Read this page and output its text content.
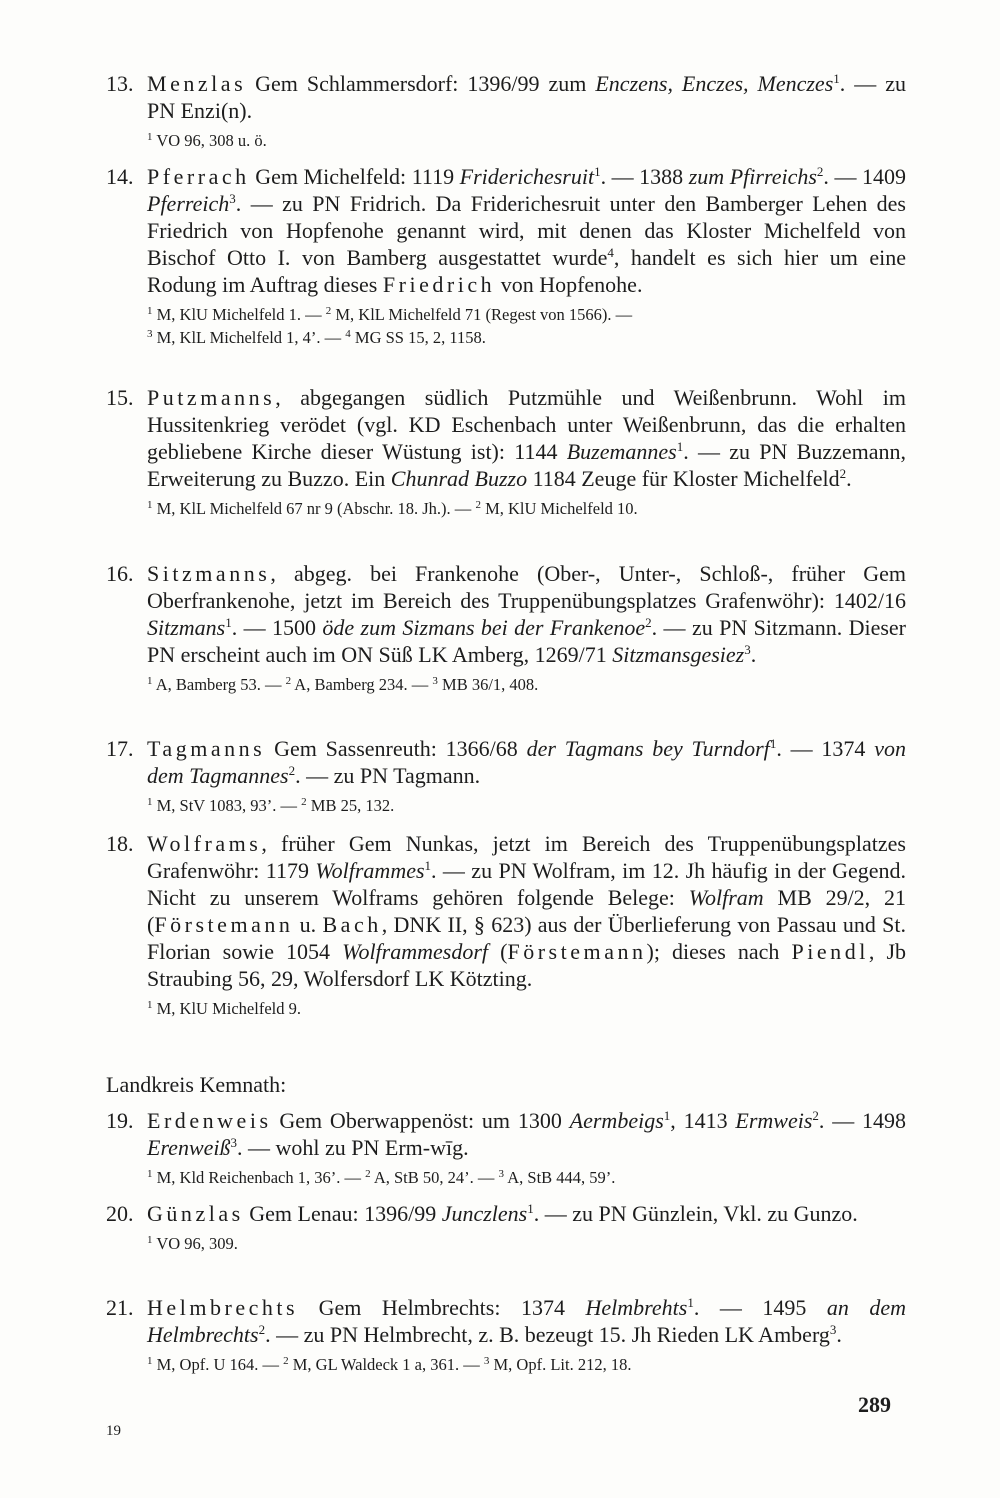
13. Menzlas Gem Schlammersdorf: 1396/99 zum Enczens, Enczes, Menczes$^1$. — zu PN Enzi(n).
$^1$ VO 96, 308 u. ö.
14. Pferrach Gem Michelfeld: 1119 Friderichesruit$^1$. — 1388 zum Pfirreichs$^2$. — 1409 Pferreich$^3$. — zu PN Fridrich. Da Friderichesruit unter den Bamberger Lehen des Friedrich von Hopfenohe genannt wird, mit denen das Kloster Michelfeld von Bischof Otto I. von Bamberg ausgestattet wurde$^4$, handelt es sich hier um eine Rodung im Auftrag dieses Friedrich von Hopfenohe.
$^1$ M, KlU Michelfeld 1. — $^2$ M, KlL Michelfeld 71 (Regest von 1566). —
$^3$ M, KlL Michelfeld 1, 4’. — $^4$ MG SS 15, 2, 1158.
15. Putzmanns, abgegangen südlich Putzmühle und Weißenbrunn. Wohl im Hussitenkrieg verödet (vgl. KD Eschenbach unter Weißenbrunn, das die erhalten gebliebene Kirche dieser Wüstung ist): 1144 Buzemannes$^1$. — zu PN Buzzemann, Erweiterung zu Buzzo. Ein Chunrad Buzzo 1184 Zeuge für Kloster Michelfeld$^2$.
$^1$ M, KlL Michelfeld 67 nr 9 (Abschr. 18. Jh.). — $^2$ M, KlU Michelfeld 10.
16. Sitzmanns, abgeg. bei Frankenohe (Ober-, Unter-, Schloß-, früher Gem Oberfrankenohe, jetzt im Bereich des Truppenübungsplatzes Grafenwöhr): 1402/16 Sitzmans$^1$. — 1500 öde zum Sizmans bei der Frankenoe$^2$. — zu PN Sitzmann. Dieser PN erscheint auch im ON Süß LK Amberg, 1269/71 Sitzmansgesiez$^3$.
$^1$ A, Bamberg 53. — $^2$ A, Bamberg 234. — $^3$ MB 36/1, 408.
17. Tagmanns Gem Sassenreuth: 1366/68 der Tagmans bey Turndorf$^1$. — 1374 von dem Tagmannes$^2$. — zu PN Tagmann.
$^1$ M, StV 1083, 93’. — $^2$ MB 25, 132.
18. Wolframs, früher Gem Nunkas, jetzt im Bereich des Truppenübungsplatzes Grafenwöhr: 1179 Wolframmes$^1$. — zu PN Wolfram, im 12. Jh häufig in der Gegend. Nicht zu unserem Wolframs gehören folgende Belege: Wolfram MB 29/2, 21 (Förstemann u. Bach, DNK II, § 623) aus der Überlieferung von Passau und St. Florian sowie 1054 Wolframmesdorf (Förstemann); dieses nach Piendl, Jb Straubing 56, 29, Wolfersdorf LK Kötzting.
$^1$ M, KlU Michelfeld 9.
Landkreis Kemnath:
19. Erdenweis Gem Oberwappenöst: um 1300 Aermbeigs$^1$, 1413 Ermweis$^2$. — 1498 Erenweiß$^3$. — wohl zu PN Erm-wīg.
$^1$ M, Kld Reichenbach 1, 36’. — $^2$ A, StB 50, 24’. — $^3$ A, StB 444, 59’.
20. Günzlas Gem Lenau: 1396/99 Junczlens$^1$. — zu PN Günzlein, Vkl. zu Gunzo.
$^1$ VO 96, 309.
21. Helmbrechts Gem Helmbrechts: 1374 Helmbrehts$^1$. — 1495 an dem Helmbrechts$^2$. — zu PN Helmbrecht, z. B. bezeugt 15. Jh Rieden LK Amberg$^3$.
$^1$ M, Opf. U 164. — $^2$ M, GL Waldeck 1 a, 361. — $^3$ M, Opf. Lit. 212, 18.
289
19
